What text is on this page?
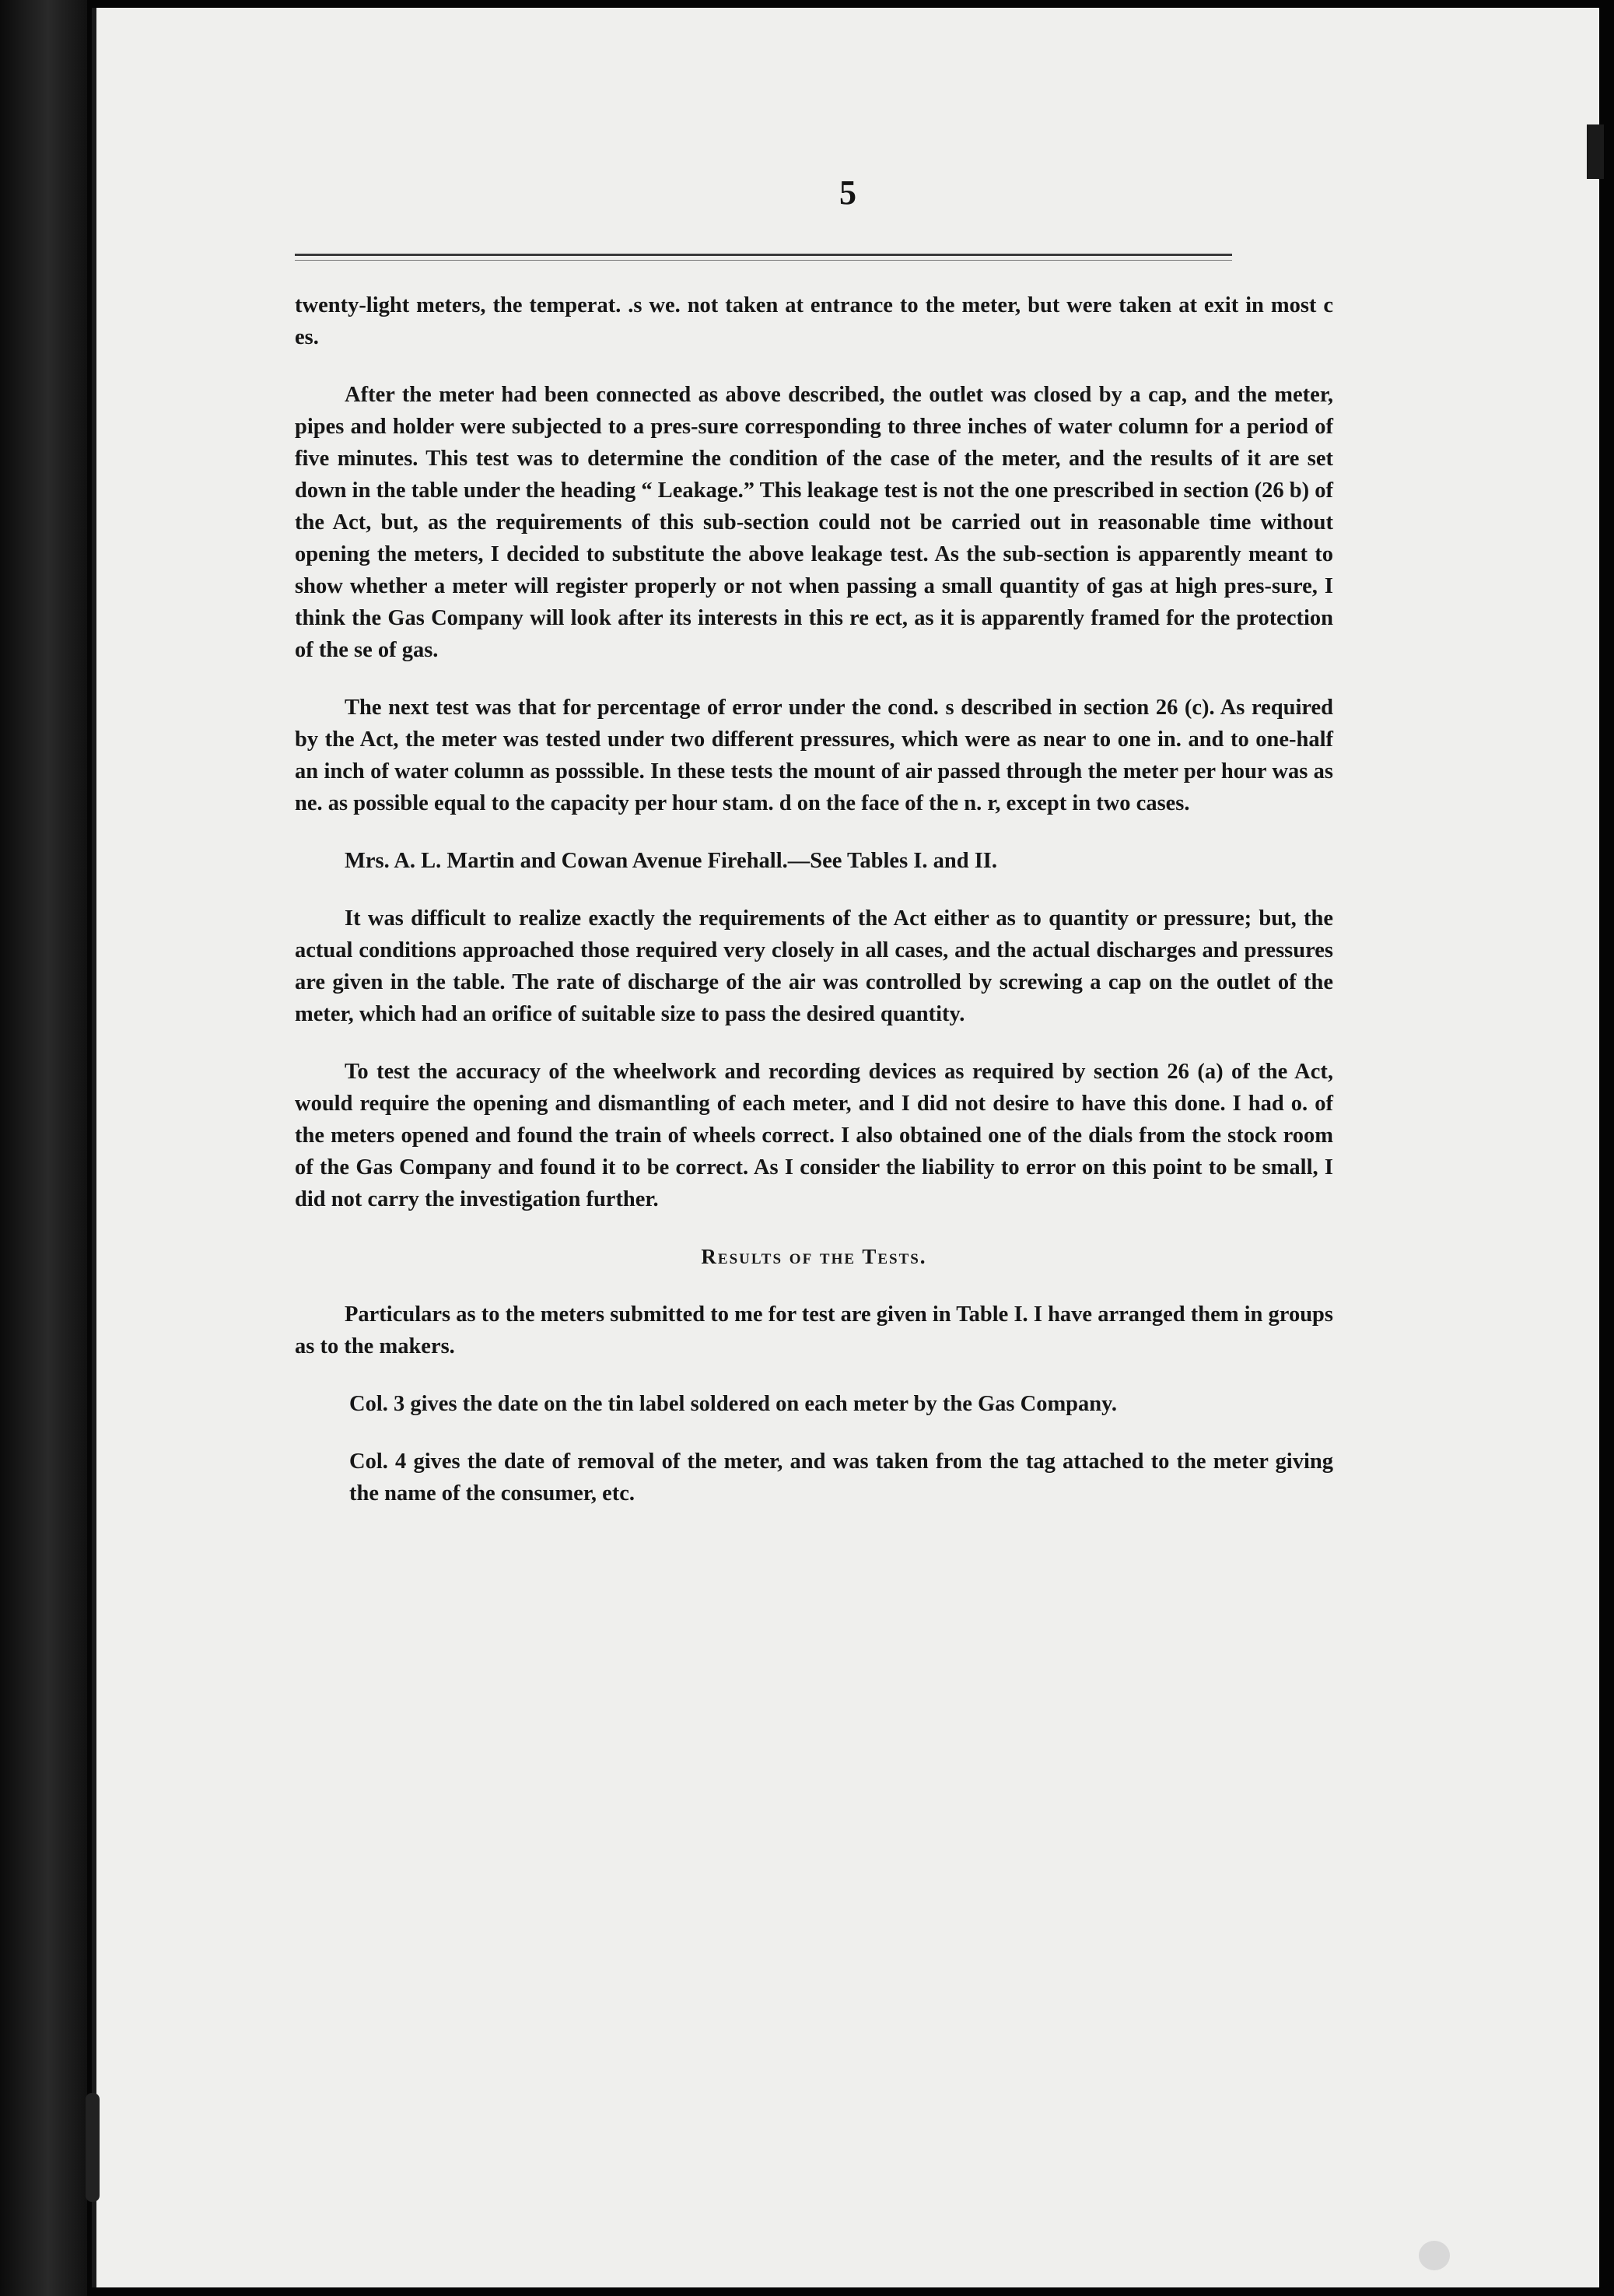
5

twenty-light meters, the temperat. .s we. not taken at entrance to the meter, but were taken at exit in most c es.

After the meter had been connected as above described, the outlet was closed by a cap, and the meter, pipes and holder were subjected to a pres-sure corresponding to three inches of water column for a period of five minutes. This test was to determine the condition of the case of the meter, and the results of it are set down in the table under the heading “ Leakage.” This leakage test is not the one prescribed in section (26 b) of the Act, but, as the requirements of this sub-section could not be carried out in reasonable time without opening the meters, I decided to substitute the above leakage test. As the sub-section is apparently meant to show whether a meter will register properly or not when passing a small quantity of gas at high pres-sure, I think the Gas Company will look after its interests in this re ect, as it is apparently framed for the protection of the se of gas.

The next test was that for percentage of error under the cond. s described in section 26 (c). As required by the Act, the meter was tested under two different pressures, which were as near to one in. and to one-half an inch of water column as posssible. In these tests the mount of air passed through the meter per hour was as ne. as possible equal to the capacity per hour stam. d on the face of the n. r, except in two cases.

Mrs. A. L. Martin and Cowan Avenue Firehall.—See Tables I. and II.

It was difficult to realize exactly the requirements of the Act either as to quantity or pressure; but, the actual conditions approached those required very closely in all cases, and the actual discharges and pressures are given in the table. The rate of discharge of the air was controlled by screwing a cap on the outlet of the meter, which had an orifice of suitable size to pass the desired quantity.

To test the accuracy of the wheelwork and recording devices as required by section 26 (a) of the Act, would require the opening and dismantling of each meter, and I did not desire to have this done. I had o. of the meters opened and found the train of wheels correct. I also obtained one of the dials from the stock room of the Gas Company and found it to be correct. As I consider the liability to error on this point to be small, I did not carry the investigation further.

Results of the Tests.

Particulars as to the meters submitted to me for test are given in Table I. I have arranged them in groups as to the makers.

Col. 3 gives the date on the tin label soldered on each meter by the Gas Company.

Col. 4 gives the date of removal of the meter, and was taken from the tag attached to the meter giving the name of the consumer, etc.
